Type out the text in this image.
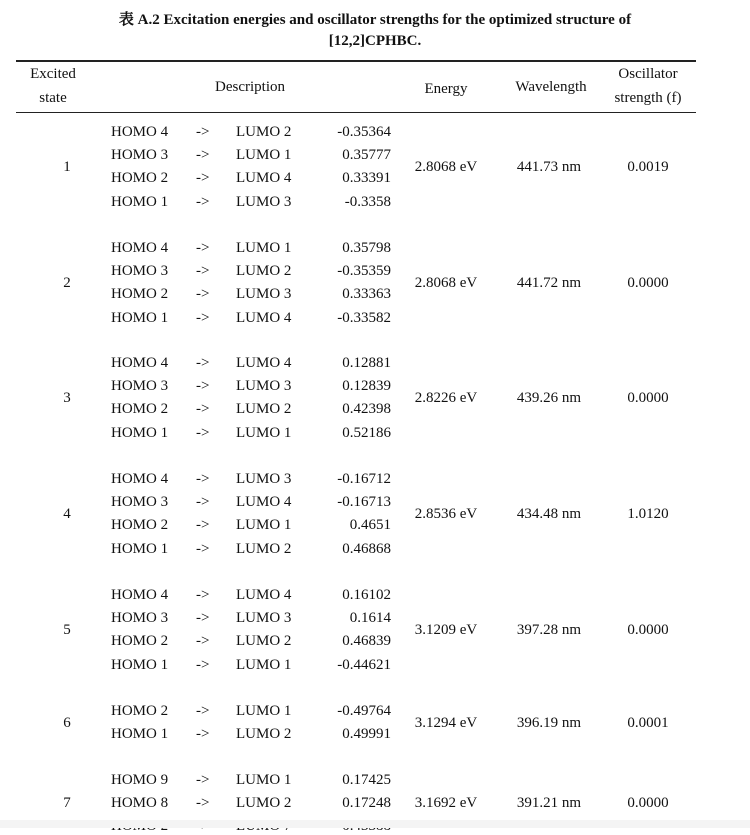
表 A.2 Excitation energies and oscillator strengths for the optimized structure of
[12,2]CPHBC.
Excited
state
Description	Energy	Wavelength
Oscillator
strength (f)
HOMO 4 -> LUMO 2	-0.35364
HOMO 3 -> LUMO 1	0.35777
HOMO 2 -> LUMO 4	0.33391
HOMO 1 -> LUMO 3	-0.3358
1	2.8068 eV	441.73 nm	0.0019
HOMO 4 -> LUMO 1	0.35798
HOMO 3 -> LUMO 2	-0.35359
HOMO 2 -> LUMO 3	0.33363
HOMO 1 -> LUMO 4	-0.33582
2	2.8068 eV	441.72 nm	0.0000
HOMO 4 -> LUMO 4	0.12881
HOMO 3 -> LUMO 3	0.12839
HOMO 2 -> LUMO 2	0.42398
HOMO 1 -> LUMO 1	0.52186
3	2.8226 eV	439.26 nm	0.0000
HOMO 4 -> LUMO 3	-0.16712
HOMO 3 -> LUMO 4	-0.16713
HOMO 2 -> LUMO 1	0.4651
HOMO 1 -> LUMO 2	0.46868
4	2.8536 eV	434.48 nm	1.0120
HOMO 4 -> LUMO 4	0.16102
HOMO 3 -> LUMO 3	0.1614
HOMO 2 -> LUMO 2	0.46839
HOMO 1 -> LUMO 1	-0.44621
5	3.1209 eV	397.28 nm	0.0000
HOMO 2 -> LUMO 1	-0.49764
HOMO 1 -> LUMO 2	0.49991
6	3.1294 eV	396.19 nm	0.0001
HOMO 9 -> LUMO 1	0.17425
HOMO 8 -> LUMO 2	0.17248
7	3.1692 eV	391.21 nm	0.0000
